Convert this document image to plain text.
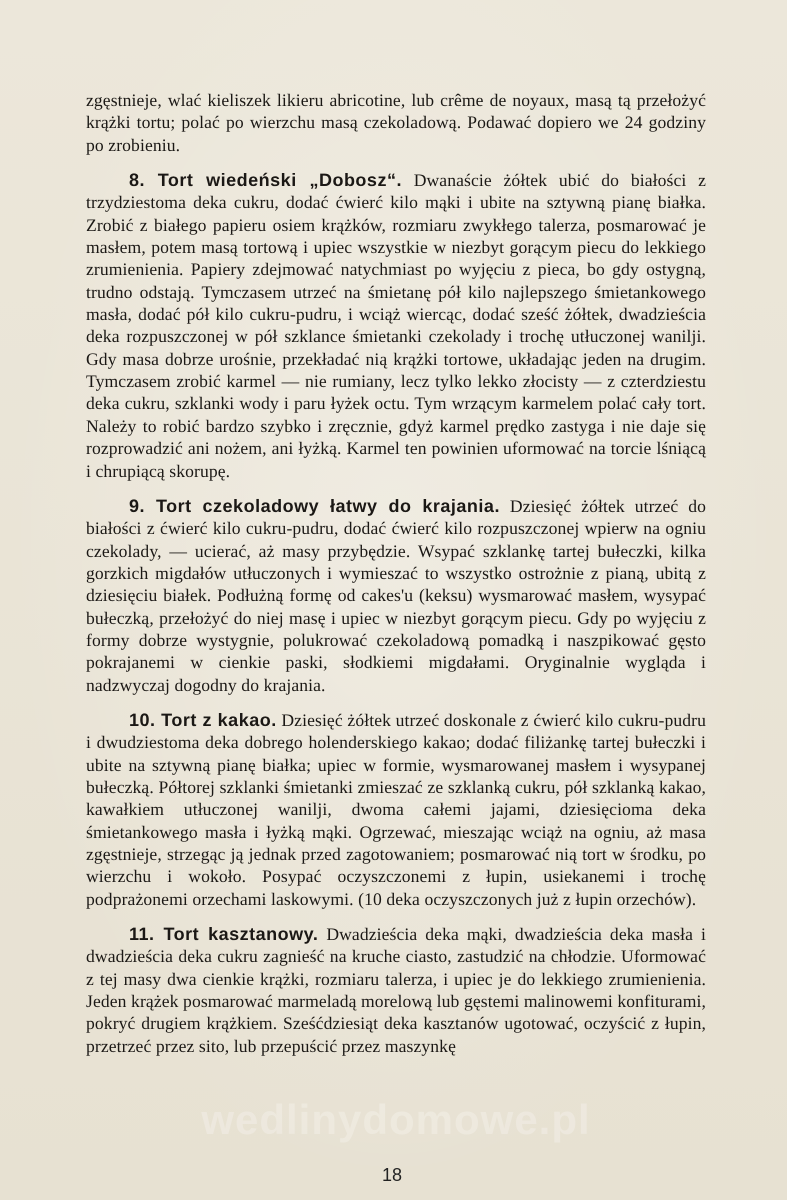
zgęstnieje, wlać kieliszek likieru abricotine, lub crême de noyaux, masą tą przełożyć krążki tortu; polać po wierzchu masą czekoladową. Podawać dopiero we 24 godziny po zrobieniu.

8. Tort wiedeński „Dobosz“. Dwanaście żółtek ubić do białości z trzydziestoma deka cukru, dodać ćwierć kilo mąki i ubite na sztywną pianę białka. Zrobić z białego papieru osiem krążków, rozmiaru zwykłego talerza, posmarować je masłem, potem masą tortową i upiec wszystkie w niezbyt gorącym piecu do lekkiego zrumienienia. Papiery zdejmować natychmiast po wyjęciu z pieca, bo gdy ostygną, trudno odstają. Tymczasem utrzeć na śmietanę pół kilo najlepszego śmietankowego masła, dodać pół kilo cukru-pudru, i wciąż wiercąc, dodać sześć żółtek, dwadzieścia deka rozpuszczonej w pół szklance śmietanki czekolady i trochę utłuczonej wanilji. Gdy masa dobrze urośnie, przekładać nią krążki tortowe, układając jeden na drugim. Tymczasem zrobić karmel — nie rumiany, lecz tylko lekko złocisty — z czterdziestu deka cukru, szklanki wody i paru łyżek octu. Tym wrzącym karmelem polać cały tort. Należy to robić bardzo szybko i zręcznie, gdyż karmel prędko zastyga i nie daje się rozprowadzić ani nożem, ani łyżką. Karmel ten powinien uformować na torcie lśniącą i chrupiącą skorupę.

9. Tort czekoladowy łatwy do krajania. Dziesięć żółtek utrzeć do białości z ćwierć kilo cukru-pudru, dodać ćwierć kilo rozpuszczonej wpierw na ogniu czekolady, — ucierać, aż masy przybędzie. Wsypać szklankę tartej bułeczki, kilka gorzkich migdałów utłuczonych i wymieszać to wszystko ostrożnie z pianą, ubitą z dziesięciu białek. Podłużną formę od cakes'u (keksu) wysmarować masłem, wysypać bułeczką, przełożyć do niej masę i upiec w niezbyt gorącym piecu. Gdy po wyjęciu z formy dobrze wystygnie, polukrować czekoladową pomadką i naszpikować gęsto pokrajanemi w cienkie paski, słodkiemi migdałami. Oryginalnie wygląda i nadzwyczaj dogodny do krajania.

10. Tort z kakao. Dziesięć żółtek utrzeć doskonale z ćwierć kilo cukru-pudru i dwudziestoma deka dobrego holenderskiego kakao; dodać filiżankę tartej bułeczki i ubite na sztywną pianę białka; upiec w formie, wysmarowanej masłem i wysypanej bułeczką. Półtorej szklanki śmietanki zmieszać ze szklanką cukru, pół szklanką kakao, kawałkiem utłuczonej wanilji, dwoma całemi jajami, dziesięcioma deka śmietankowego masła i łyżką mąki. Ogrzewać, mieszając wciąż na ogniu, aż masa zgęstnieje, strzegąc ją jednak przed zagotowaniem; posmarować nią tort w środku, po wierzchu i wokoło. Posypać oczyszczonemi z łupin, usiekanemi i trochę podprażonemi orzechami laskowymi. (10 deka oczyszczonych już z łupin orzechów).

11. Tort kasztanowy. Dwadzieścia deka mąki, dwadzieścia deka masła i dwadzieścia deka cukru zagnieść na kruche ciasto, zastudzić na chłodzie. Uformować z tej masy dwa cienkie krążki, rozmiaru talerza, i upiec je do lekkiego zrumienienia. Jeden krążek posmarować marmeladą morelową lub gęstemi malinowemi konfiturami, pokryć drugiem krążkiem. Sześćdziesiąt deka kasztanów ugotować, oczyścić z łupin, przetrzeć przez sito, lub przepuścić przez maszynkę

wedlinydomowe.pl
18
